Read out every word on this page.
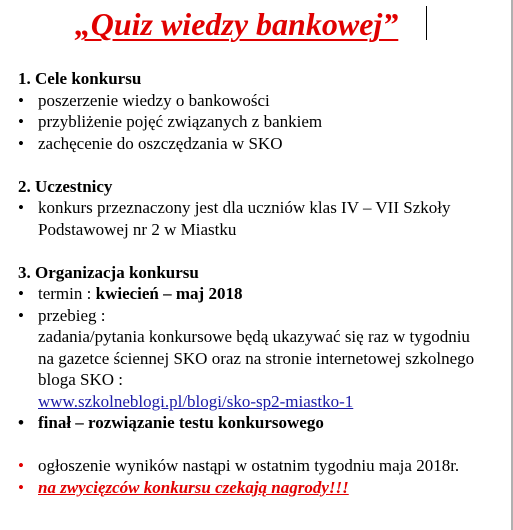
„Quiz wiedzy bankowej”
1. Cele konkursu
• poszerzenie wiedzy o bankowości
• przybliżenie pojęć związanych z bankiem
• zachęcenie do oszczędzania w SKO
2. Uczestnicy
• konkurs przeznaczony jest dla uczniów klas IV – VII Szkoły Podstawowej nr 2 w Miastku
3. Organizacja konkursu
• termin : kwiecień – maj 2018
• przebieg :
zadania/pytania konkursowe będą ukazywać się raz w tygodniu na gazetce ściennej SKO oraz na stronie internetowej szkolnego bloga SKO :
www.szkolneblogi.pl/blogi/sko-sp2-miastko-1
• finał – rozwiązanie testu konkursowego
• ogłoszenie wyników nastąpi w ostatnim tygodniu maja 2018r.
• na zwycięzców konkursu czekają nagrody!!!
